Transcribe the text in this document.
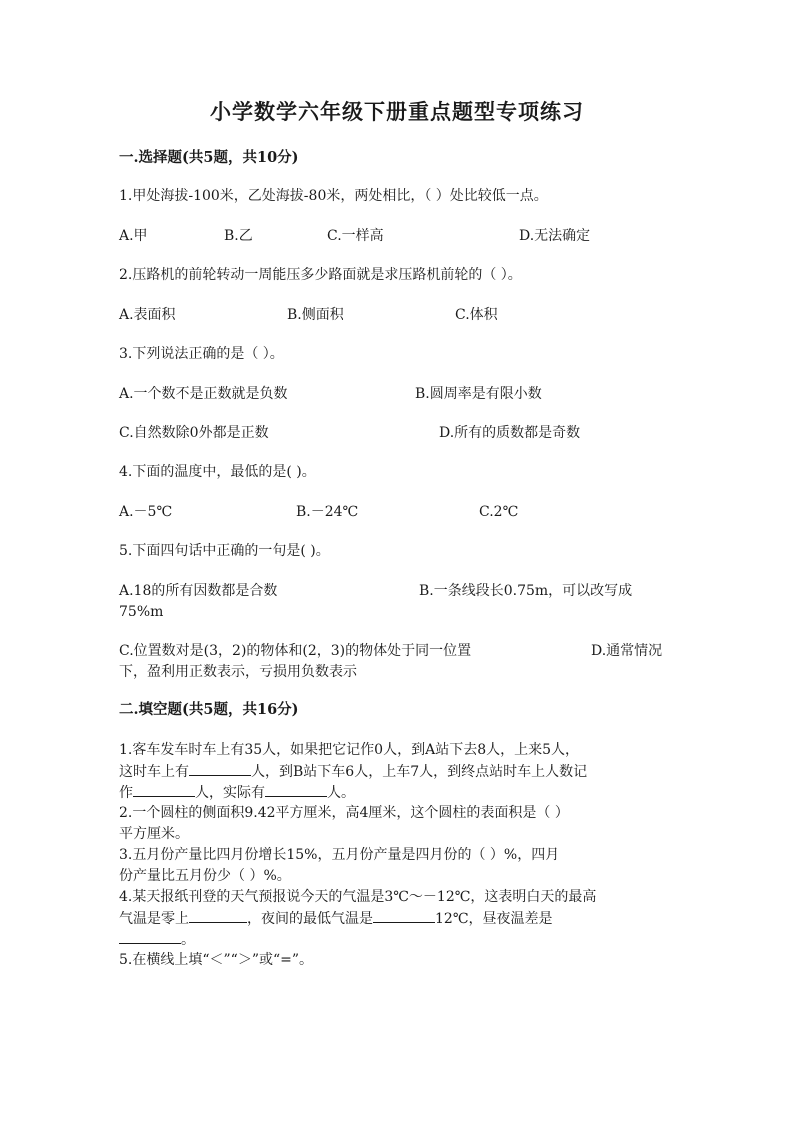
小学数学六年级下册重点题型专项练习
一.选择题(共5题，共10分)
1.甲处海拔-100米，乙处海拔-80米，两处相比，（ ）处比较低一点。
A.甲	B.乙	C.一样高	D.无法确定
2.压路机的前轮转动一周能压多少路面就是求压路机前轮的（ ）。
A.表面积	B.侧面积	C.体积
3.下列说法正确的是（ ）。
A.一个数不是正数就是负数	B.圆周率是有限小数
C.自然数除0外都是正数	D.所有的质数都是奇数
4.下面的温度中，最低的是( )。
A.－5℃	B.－24℃	C.2℃
5.下面四句话中正确的一句是( )。
A.18的所有因数都是合数	B.一条线段长0.75m，可以改写成
75%m
C.位置数对是(3，2)的物体和(2，3)的物体处于同一位置	D.通常情况
下，盈利用正数表示，亏损用负数表示
二.填空题(共5题，共16分)
1.客车发车时车上有35人，如果把它记作0人，到A站下去8人，上来5人，
这时车上有	人，到B站下车6人，上车7人，到终点站时车上人数记
作	人，实际有	人。
2.一个圆柱的侧面积9.42平方厘米，高4厘米，这个圆柱的表面积是（ ）
平方厘米。
3.五月份产量比四月份增长15%，五月份产量是四月份的（ ）%，四月
份产量比五月份少（ ）%。
4.某天报纸刊登的天气预报说今天的气温是3℃～－12℃，这表明白天的最高
气温是零上	，夜间的最低气温是	12℃，昼夜温差是
。
5.在横线上填“＜”“＞”或“=”。
